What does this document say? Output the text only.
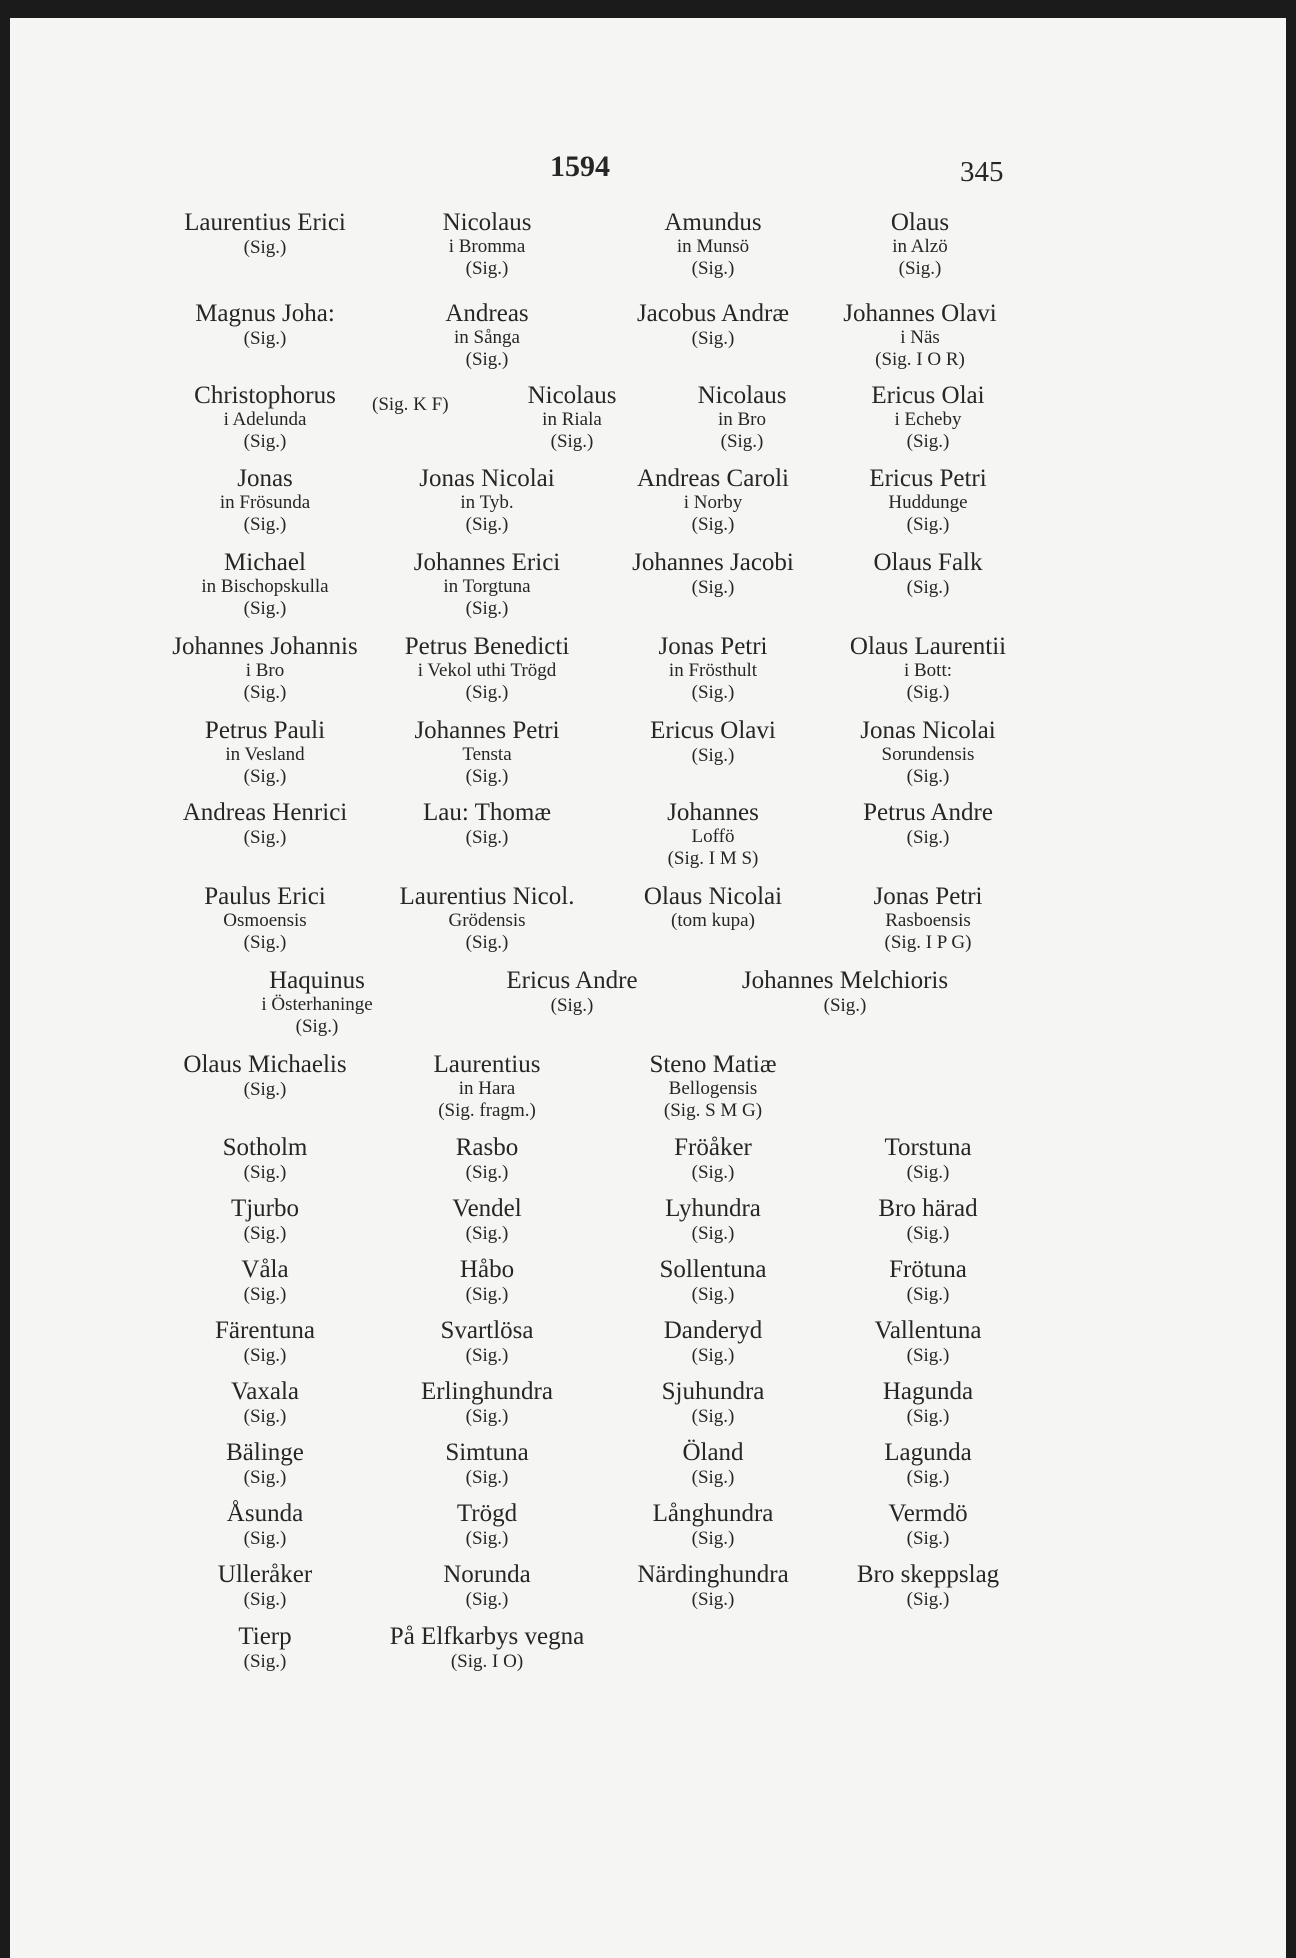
1594	345
(Sig. K F)
Laurentius Erici
(Sig.)
Nicolaus
i Bromma
(Sig.)
Amundus
in Munsö
(Sig.)
Olaus
in Alzö
(Sig.)
Magnus Joha:
(Sig.)
Andreas
in Sånga
(Sig.)
Jacobus Andræ
(Sig.)
Johannes Olavi
i Näs
(Sig. I O R)
Christophorus
i Adelunda
(Sig.)
Nicolaus
in Riala
(Sig.)
Nicolaus
in Bro
(Sig.)
Ericus Olai
i Echeby
(Sig.)
Jonas
in Frösunda
(Sig.)
Jonas Nicolai
in Tyb.
(Sig.)
Andreas Caroli
i Norby
(Sig.)
Ericus Petri
Huddunge
(Sig.)
Michael
in Bischopskulla
(Sig.)
Johannes Erici
in Torgtuna
(Sig.)
Johannes Jacobi
(Sig.)
Olaus Falk
(Sig.)
Johannes Johannis
i Bro
(Sig.)
Petrus Benedicti
i Vekol uthi Trögd
(Sig.)
Jonas Petri
in Frösthult
(Sig.)
Olaus Laurentii
i Bott:
(Sig.)
Petrus Pauli
in Vesland
(Sig.)
Johannes Petri
Tensta
(Sig.)
Ericus Olavi
(Sig.)
Jonas Nicolai
Sorundensis
(Sig.)
Andreas Henrici
(Sig.)
Lau: Thomæ
(Sig.)
Johannes
Loffö
(Sig. I M S)
Petrus Andre
(Sig.)
Paulus Erici
Osmoensis
(Sig.)
Laurentius Nicol.
Grödensis
(Sig.)
Olaus Nicolai
(tom kupa)
Jonas Petri
Rasboensis
(Sig. I P G)
Haquinus
i Österhaninge
(Sig.)
Ericus Andre
(Sig.)
Johannes Melchioris
(Sig.)
Olaus Michaelis
(Sig.)
Laurentius
in Hara
(Sig. fragm.)
Steno Matiæ
Bellogensis
(Sig. S M G)
Sotholm
(Sig.)
Rasbo
(Sig.)
Fröåker
(Sig.)
Torstuna
(Sig.)
Tjurbo
(Sig.)
Vendel
(Sig.)
Lyhundra
(Sig.)
Bro härad
(Sig.)
Våla
(Sig.)
Håbo
(Sig.)
Sollentuna
(Sig.)
Frötuna
(Sig.)
Färentuna
(Sig.)
Svartlösa
(Sig.)
Danderyd
(Sig.)
Vallentuna
(Sig.)
Vaxala
(Sig.)
Erlinghundra
(Sig.)
Sjuhundra
(Sig.)
Hagunda
(Sig.)
Bälinge
(Sig.)
Simtuna
(Sig.)
Öland
(Sig.)
Lagunda
(Sig.)
Åsunda
(Sig.)
Trögd
(Sig.)
Långhundra
(Sig.)
Vermdö
(Sig.)
Ulleråker
(Sig.)
Norunda
(Sig.)
Närdinghundra
(Sig.)
Bro skeppslag
(Sig.)
Tierp
(Sig.)
På Elfkarbys vegna
(Sig. I O)
